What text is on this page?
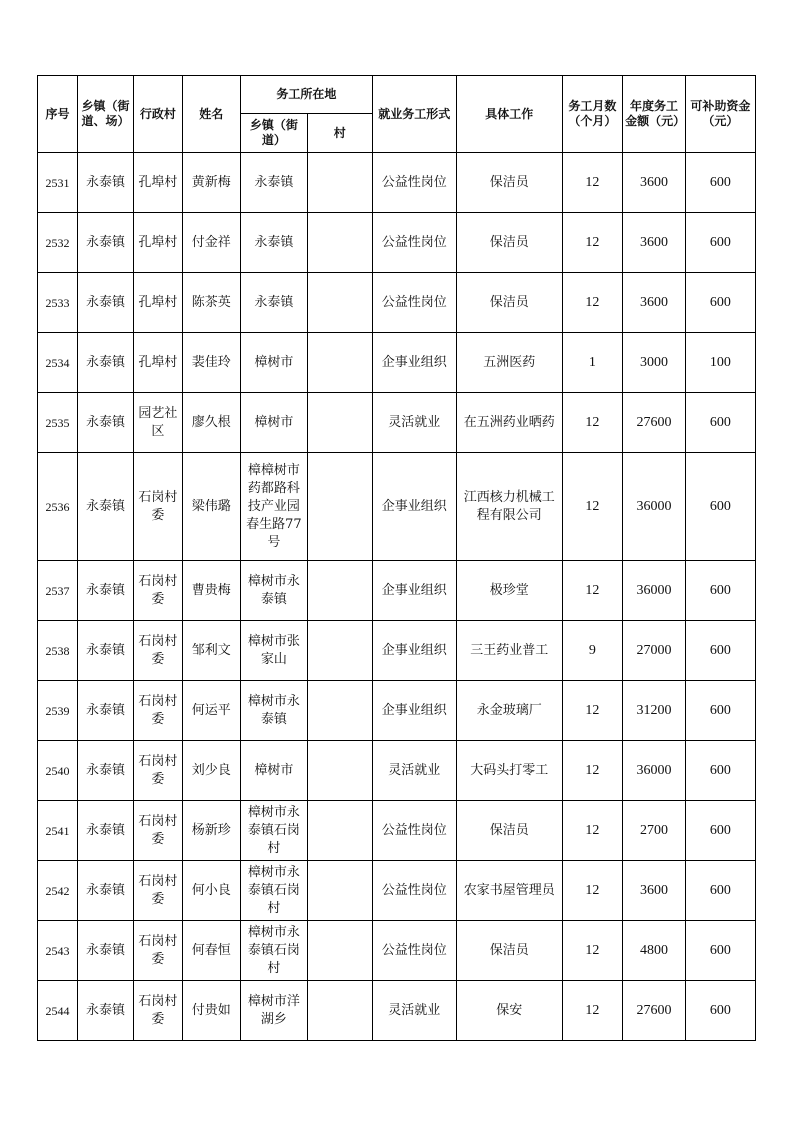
序号	乡镇（街道、场）	行政村	姓名	务工所在地		就业务工形式	具体工作	务工月数（个月）	年度务工金额（元）	可补助资金（元）
				乡镇（街道）	村					
2531	永泰镇	孔埠村	黄新梅	永泰镇		公益性岗位	保洁员	12	3600	600
2532	永泰镇	孔埠村	付金祥	永泰镇		公益性岗位	保洁员	12	3600	600
2533	永泰镇	孔埠村	陈茶英	永泰镇		公益性岗位	保洁员	12	3600	600
2534	永泰镇	孔埠村	裴佳玲	樟树市		企事业组织	五洲医药	1	3000	100
2535	永泰镇	园艺社区	廖久根	樟树市		灵活就业	在五洲药业晒药	12	27600	600
2536	永泰镇	石岗村委	梁伟璐	樟樟树市药都路科技产业园春生路77号		企事业组织	江西核力机械工程有限公司	12	36000	600
2537	永泰镇	石岗村委	曹贵梅	樟树市永泰镇		企事业组织	极珍堂	12	36000	600
2538	永泰镇	石岗村委	邹利文	樟树市张家山		企事业组织	三王药业普工	9	27000	600
2539	永泰镇	石岗村委	何运平	樟树市永泰镇		企事业组织	永金玻璃厂	12	31200	600
2540	永泰镇	石岗村委	刘少良	樟树市		灵活就业	大码头打零工	12	36000	600
2541	永泰镇	石岗村委	杨新珍	樟树市永泰镇石岗村		公益性岗位	保洁员	12	2700	600
2542	永泰镇	石岗村委	何小良	樟树市永泰镇石岗村		公益性岗位	农家书屋管理员	12	3600	600
2543	永泰镇	石岗村委	何春恒	樟树市永泰镇石岗村		公益性岗位	保洁员	12	4800	600
2544	永泰镇	石岗村委	付贵如	樟树市洋湖乡		灵活就业	保安	12	27600	600
